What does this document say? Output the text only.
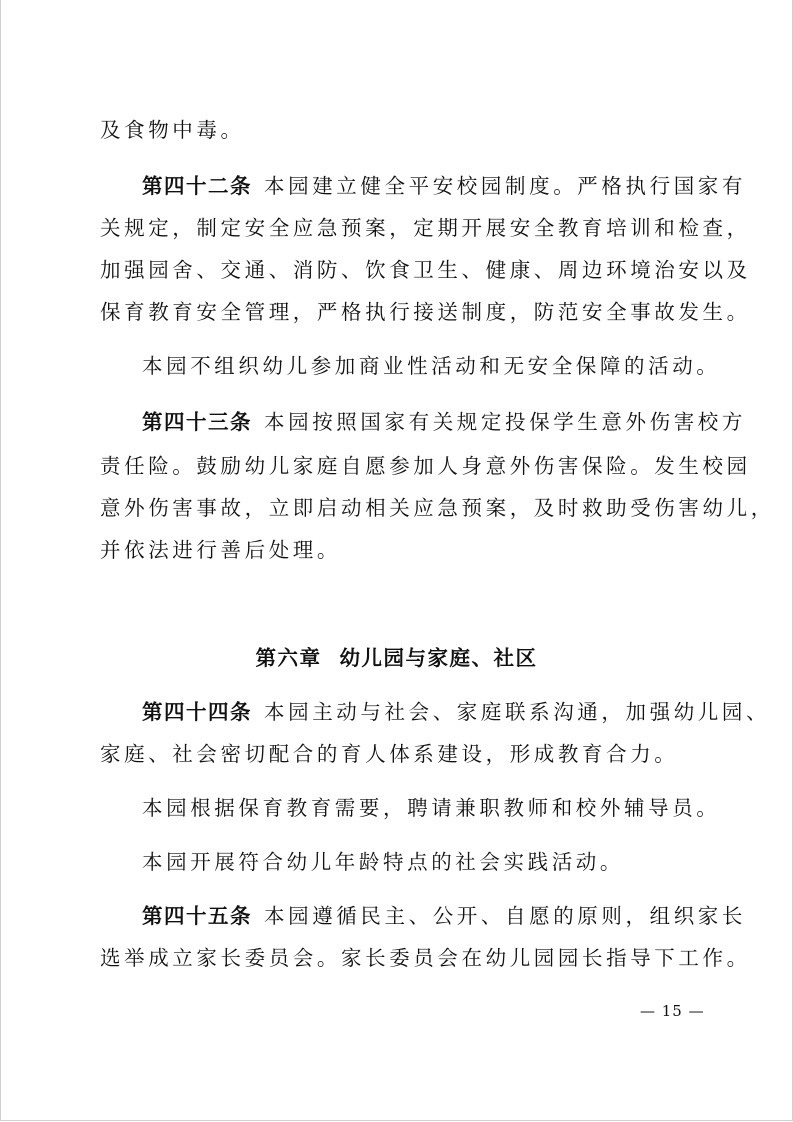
及食物中毒。
第四十二条 本园建立健全平安校园制度。严格执行国家有
关规定，制定安全应急预案，定期开展安全教育培训和检查，
加强园舍、交通、消防、饮食卫生、健康、周边环境治安以及
保育教育安全管理，严格执行接送制度，防范安全事故发生。
本园不组织幼儿参加商业性活动和无安全保障的活动。
第四十三条 本园按照国家有关规定投保学生意外伤害校方
责任险。鼓励幼儿家庭自愿参加人身意外伤害保险。发生校园
意外伤害事故，立即启动相关应急预案，及时救助受伤害幼儿，
并依法进行善后处理。
第六章 幼儿园与家庭、社区
第四十四条 本园主动与社会、家庭联系沟通，加强幼儿园、
家庭、社会密切配合的育人体系建设，形成教育合力。
本园根据保育教育需要，聘请兼职教师和校外辅导员。
本园开展符合幼儿年龄特点的社会实践活动。
第四十五条 本园遵循民主、公开、自愿的原则，组织家长
选举成立家长委员会。家长委员会在幼儿园园长指导下工作。
— 15 —
